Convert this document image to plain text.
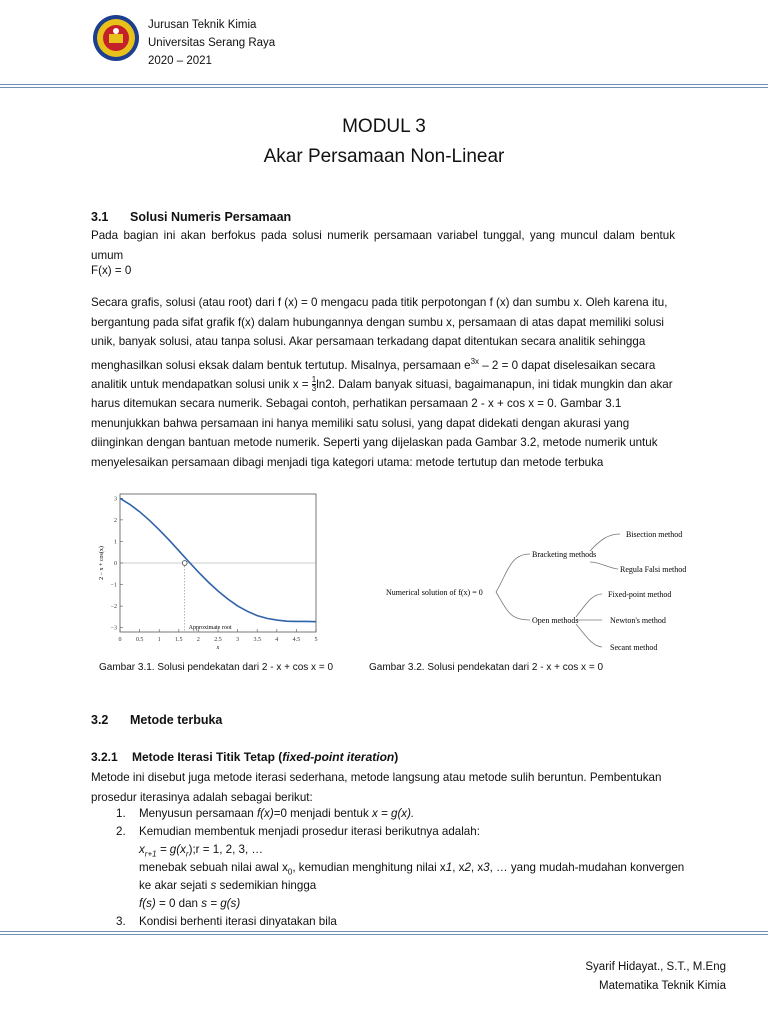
Jurusan Teknik Kimia
Universitas Serang Raya
2020 – 2021
MODUL 3
Akar Persamaan Non-Linear
3.1 Solusi Numeris Persamaan
Pada bagian ini akan berfokus pada solusi numerik persamaan variabel tunggal, yang muncul dalam bentuk umum
F(x) = 0
Secara grafis, solusi (atau root) dari f (x) = 0 mengacu pada titik perpotongan f (x) dan sumbu x. Oleh karena itu,
bergantung pada sifat grafik f(x) dalam hubungannya dengan sumbu x, persamaan di atas dapat memiliki solusi
unik, banyak solusi, atau tanpa solusi. Akar persamaan terkadang dapat ditentukan secara analitik sehingga
menghasilkan solusi eksak dalam bentuk tertutup. Misalnya, persamaan $e^{3x} - 2 = 0$ dapat diselesaikan secara
analitik untuk mendapatkan solusi unik $x = \frac{1}{3} \ln 2$. Dalam banyak situasi, bagaimanapun, ini tidak mungkin dan akar
harus ditemukan secara numerik. Sebagai contoh, perhatikan persamaan 2 - x + cos x = 0. Gambar 3.1
menunjukkan bahwa persamaan ini hanya memiliki satu solusi, yang dapat didekati dengan akurasi yang
diinginkan dengan bantuan metode numerik. Seperti yang dijelaskan pada Gambar 3.2, metode numerik untuk
menyelesaikan persamaan dibagi menjadi tiga kategori utama: metode tertutup dan metode terbuka
0 0.5 1 1.5 2 2.5 3 3.5 4 4.5 5
3
2
1
0
−1
−2
−3
x
2 − x + cos(x)
Approximate root
Numerical solution of f(x) = 0
Bracketing methods
Open methods
Bisection method
Regula Falsi method
Fixed-point method
Newton's method
Secant method
Gambar 3.1. Solusi pendekatan dari 2 - x + cos x = 0	Gambar 3.2. Solusi pendekatan dari 2 - x + cos x = 0
3.2 Metode terbuka
3.2.1 Metode Iterasi Titik Tetap (fixed-point iteration)
Metode ini disebut juga metode iterasi sederhana, metode langsung atau metode sulih beruntun. Pembentukan
prosedur iterasinya adalah sebagai berikut:
1. Menyusun persamaan f(x)=0 menjadi bentuk x = g(x).
2. Kemudian membentuk menjadi prosedur iterasi berikutnya adalah:
$x_{r+1}$ = $g(x_r);r = 1$, 2, 3, …
menebak sebuah nilai awal $x_0$, kemudian menghitung nilai x1, x2, x3, … yang mudah-mudahan konvergen
ke akar sejati s sedemikian hingga
f(s) = 0 dan s = g(s)
3. Kondisi berhenti iterasi dinyatakan bila
Syarif Hidayat., S.T., M.Eng
Matematika Teknik Kimia
